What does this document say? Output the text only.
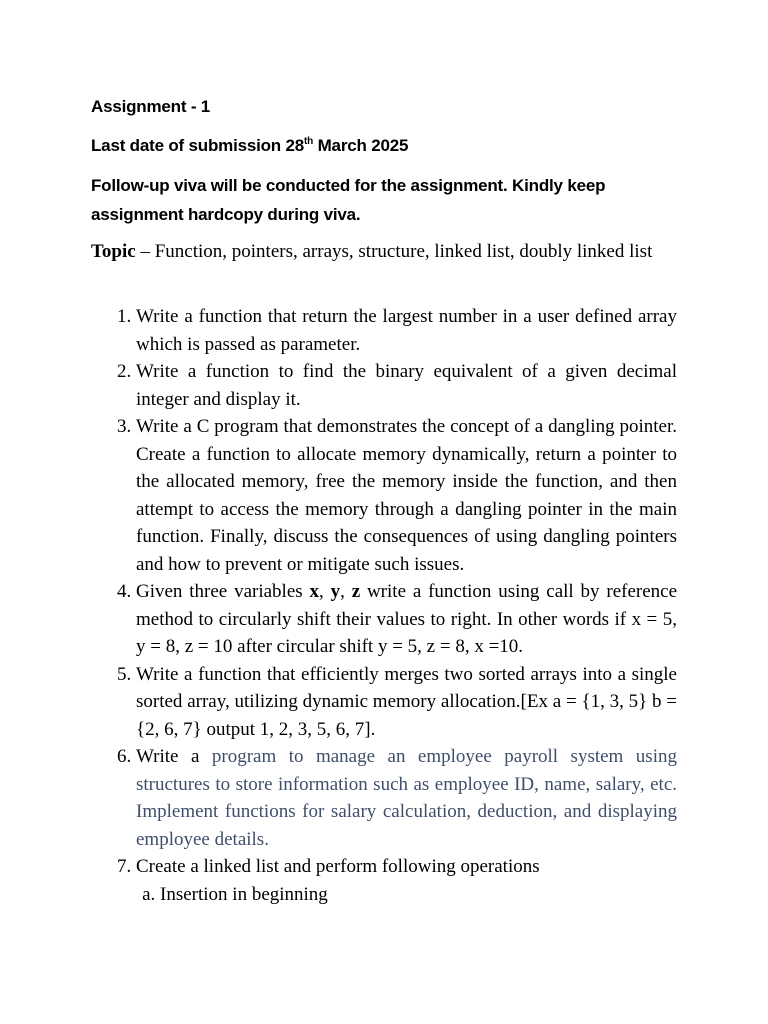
Assignment - 1
Last date of submission 28th March 2025
Follow-up viva will be conducted for the assignment. Kindly keep assignment hardcopy during viva.
Topic – Function, pointers, arrays, structure, linked list, doubly linked list
1. Write a function that return the largest number in a user defined array which is passed as parameter.
2. Write a function to find the binary equivalent of a given decimal integer and display it.
3. Write a C program that demonstrates the concept of a dangling pointer. Create a function to allocate memory dynamically, return a pointer to the allocated memory, free the memory inside the function, and then attempt to access the memory through a dangling pointer in the main function. Finally, discuss the consequences of using dangling pointers and how to prevent or mitigate such issues.
4. Given three variables x, y, z write a function using call by reference method to circularly shift their values to right. In other words if x = 5, y = 8, z = 10 after circular shift y = 5, z = 8, x =10.
5. Write a function that efficiently merges two sorted arrays into a single sorted array, utilizing dynamic memory allocation.[Ex a = {1, 3, 5} b = {2, 6, 7} output 1, 2, 3, 5, 6, 7].
6. Write a program to manage an employee payroll system using structures to store information such as employee ID, name, salary, etc. Implement functions for salary calculation, deduction, and displaying employee details.
7. Create a linked list and perform following operations
a. Insertion in beginning
